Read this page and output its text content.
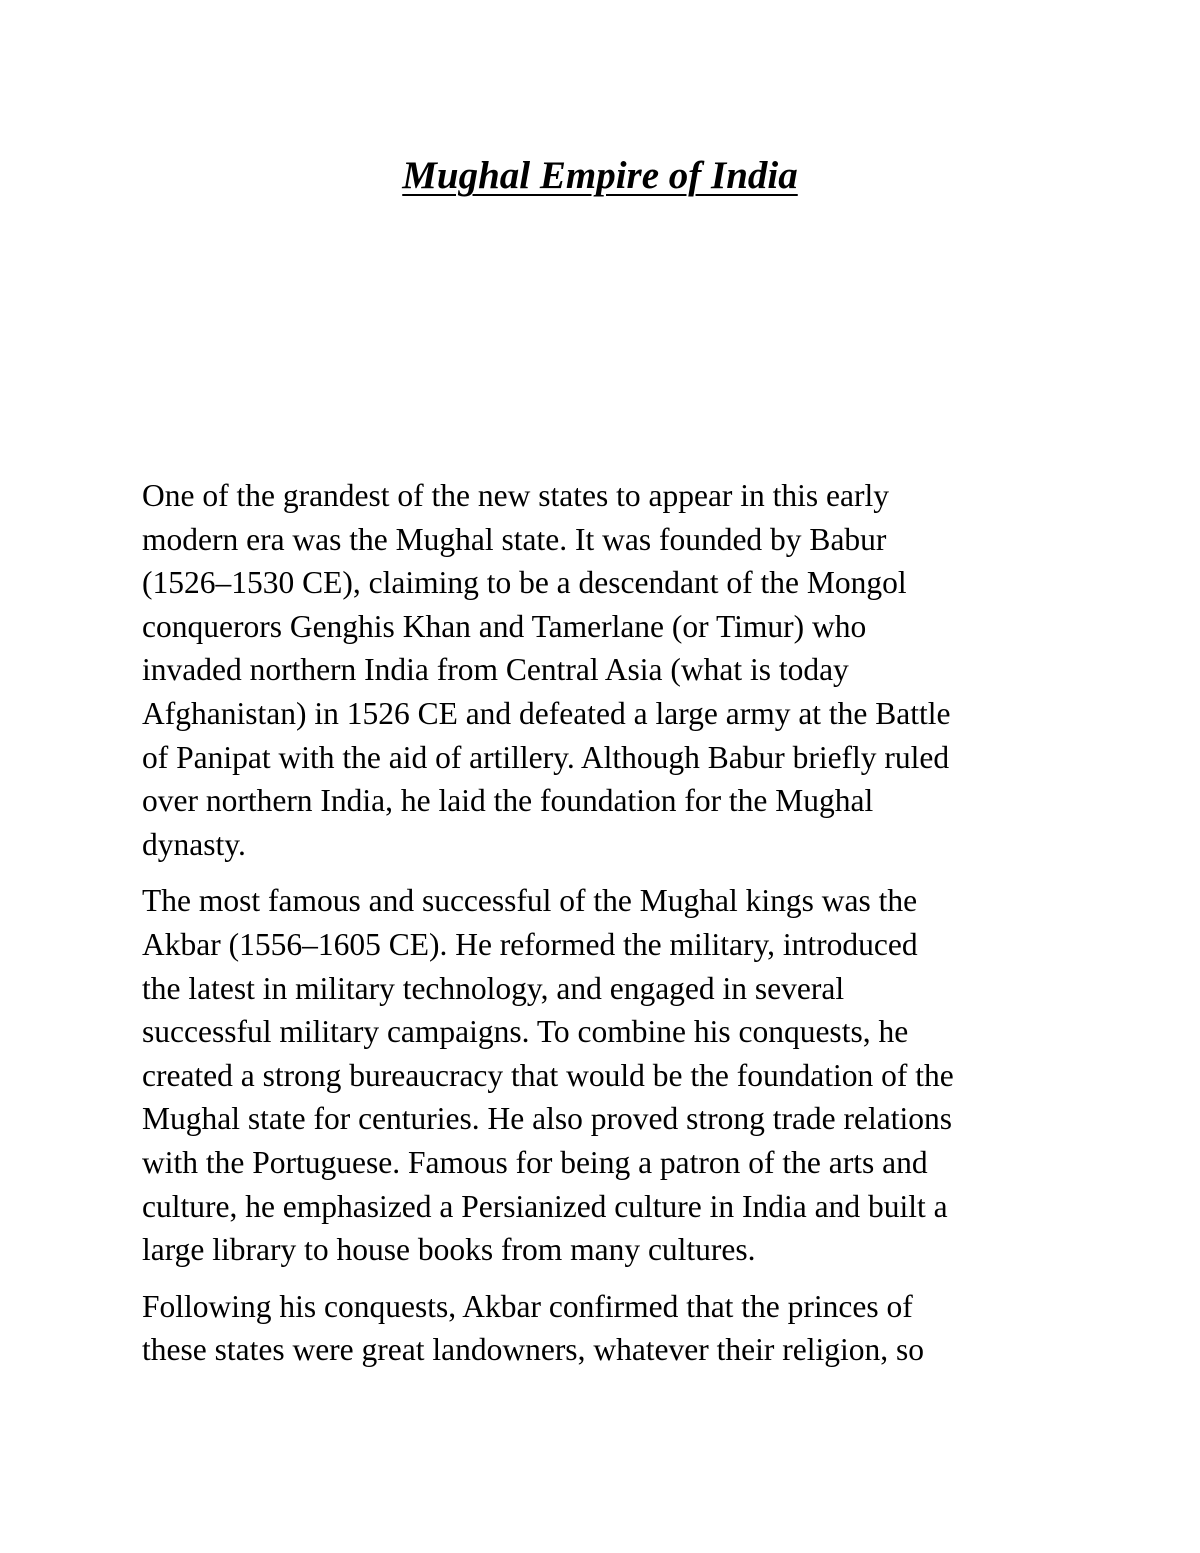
Mughal Empire of India

One of the grandest of the new states to appear in this early
modern era was the Mughal state. It was founded by Babur
(1526–1530 CE), claiming to be a descendant of the Mongol
conquerors Genghis Khan and Tamerlane (or Timur) who
invaded northern India from Central Asia (what is today
Afghanistan) in 1526 CE and defeated a large army at the Battle
of Panipat with the aid of artillery. Although Babur briefly ruled
over northern India, he laid the foundation for the Mughal
dynasty.

The most famous and successful of the Mughal kings was the
Akbar (1556–1605 CE). He reformed the military, introduced
the latest in military technology, and engaged in several
successful military campaigns. To combine his conquests, he
created a strong bureaucracy that would be the foundation of the
Mughal state for centuries. He also proved strong trade relations
with the Portuguese. Famous for being a patron of the arts and
culture, he emphasized a Persianized culture in India and built a
large library to house books from many cultures.

Following his conquests, Akbar confirmed that the princes of
these states were great landowners, whatever their religion, so
